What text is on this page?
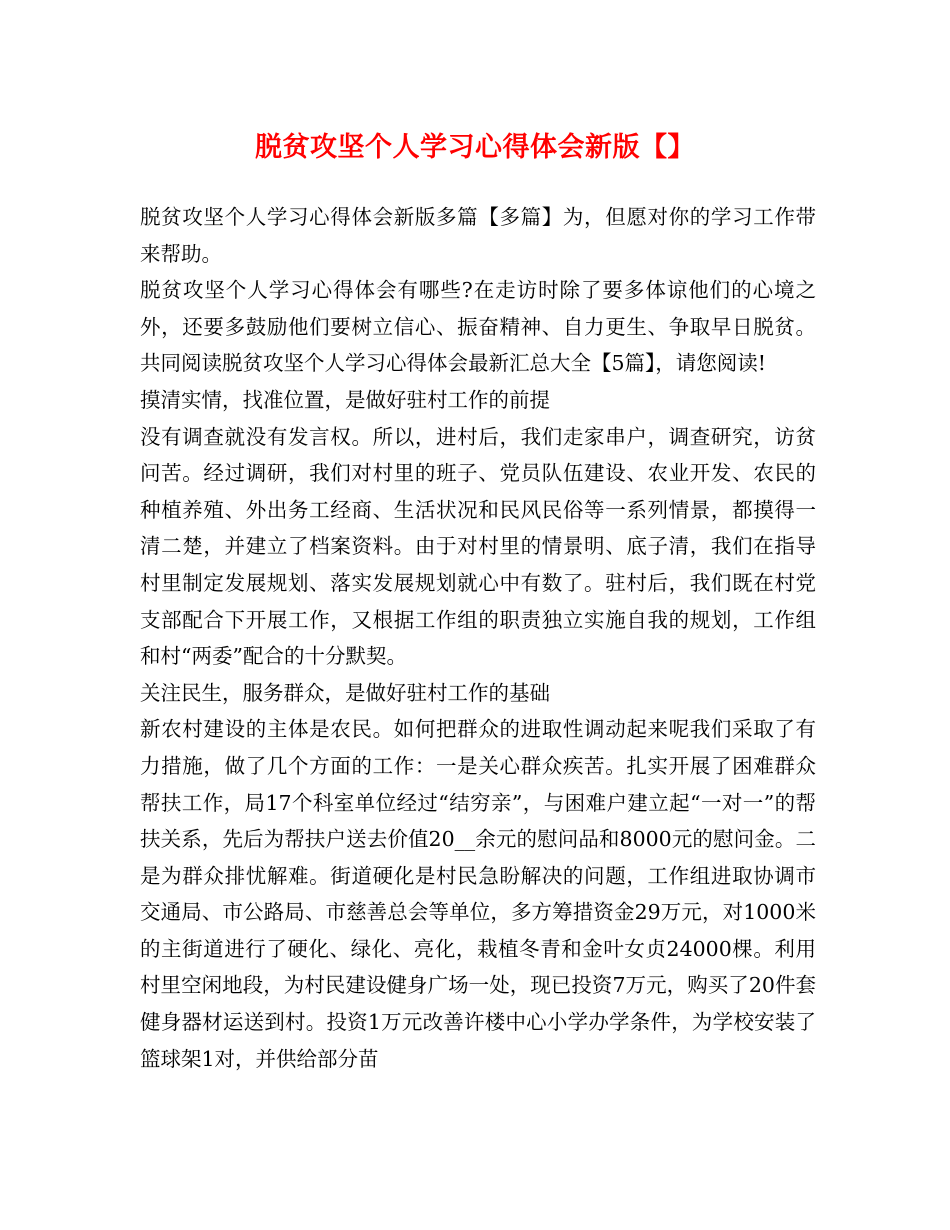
脱贫攻坚个人学习心得体会新版【】

脱贫攻坚个人学习心得体会新版多篇【多篇】为，但愿对你的学习工作带来帮助。

脱贫攻坚个人学习心得体会有哪些?在走访时除了要多体谅他们的心境之外，还要多鼓励他们要树立信心、振奋精神、自力更生、争取早日脱贫。共同阅读脱贫攻坚个人学习心得体会最新汇总大全【5篇】，请您阅读!

摸清实情，找准位置，是做好驻村工作的前提

没有调查就没有发言权。所以，进村后，我们走家串户，调查研究，访贫问苦。经过调研，我们对村里的班子、党员队伍建设、农业开发、农民的种植养殖、外出务工经商、生活状况和民风民俗等一系列情景，都摸得一清二楚，并建立了档案资料。由于对村里的情景明、底子清，我们在指导村里制定发展规划、落实发展规划就心中有数了。驻村后，我们既在村党支部配合下开展工作，又根据工作组的职责独立实施自我的规划，工作组和村“两委”配合的十分默契。

关注民生，服务群众，是做好驻村工作的基础

新农村建设的主体是农民。如何把群众的进取性调动起来呢我们采取了有力措施，做了几个方面的工作：一是关心群众疾苦。扎实开展了困难群众帮扶工作，局17个科室单位经过“结穷亲”，与困难户建立起“一对一”的帮扶关系，先后为帮扶户送去价值20__余元的慰问品和8000元的慰问金。二是为群众排忧解难。街道硬化是村民急盼解决的问题，工作组进取协调市交通局、市公路局、市慈善总会等单位，多方筹措资金29万元，对1000米的主街道进行了硬化、绿化、亮化，栽植冬青和金叶女贞24000棵。利用村里空闲地段，为村民建设健身广场一处，现已投资7万元，购买了20件套健身器材运送到村。投资1万元改善许楼中心小学办学条件，为学校安装了篮球架1对，并供给部分苗
